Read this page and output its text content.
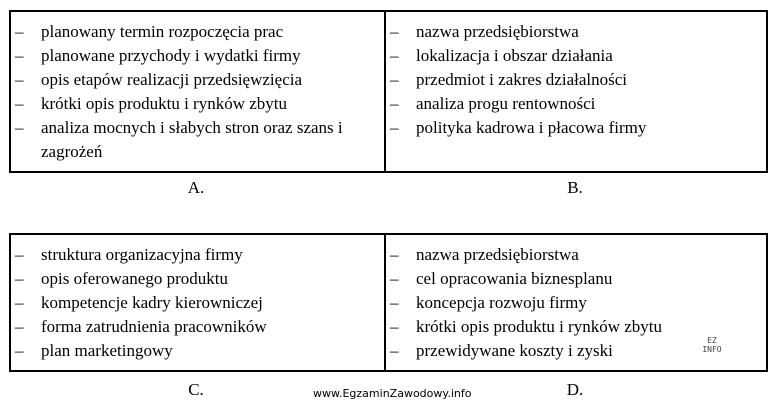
– planowany termin rozpoczęcia prac
– planowane przychody i wydatki firmy
– opis etapów realizacji przedsięwzięcia
– krótki opis produktu i rynków zbytu
– analiza mocnych i słabych stron oraz szans i zagrożeń
– nazwa przedsiębiorstwa
– lokalizacja i obszar działania
– przedmiot i zakres działalności
– analiza progu rentowności
– polityka kadrowa i płacowa firmy
A.	B.
– struktura organizacyjna firmy
– opis oferowanego produktu
– kompetencje kadry kierowniczej
– forma zatrudnienia pracowników
– plan marketingowy
– nazwa przedsiębiorstwa
– cel opracowania biznesplanu
– koncepcja rozwoju firmy
– krótki opis produktu i rynków zbytu
– przewidywane koszty i zyski
EZ INFO
C.	D.
www.EgzaminZawodowy.info
